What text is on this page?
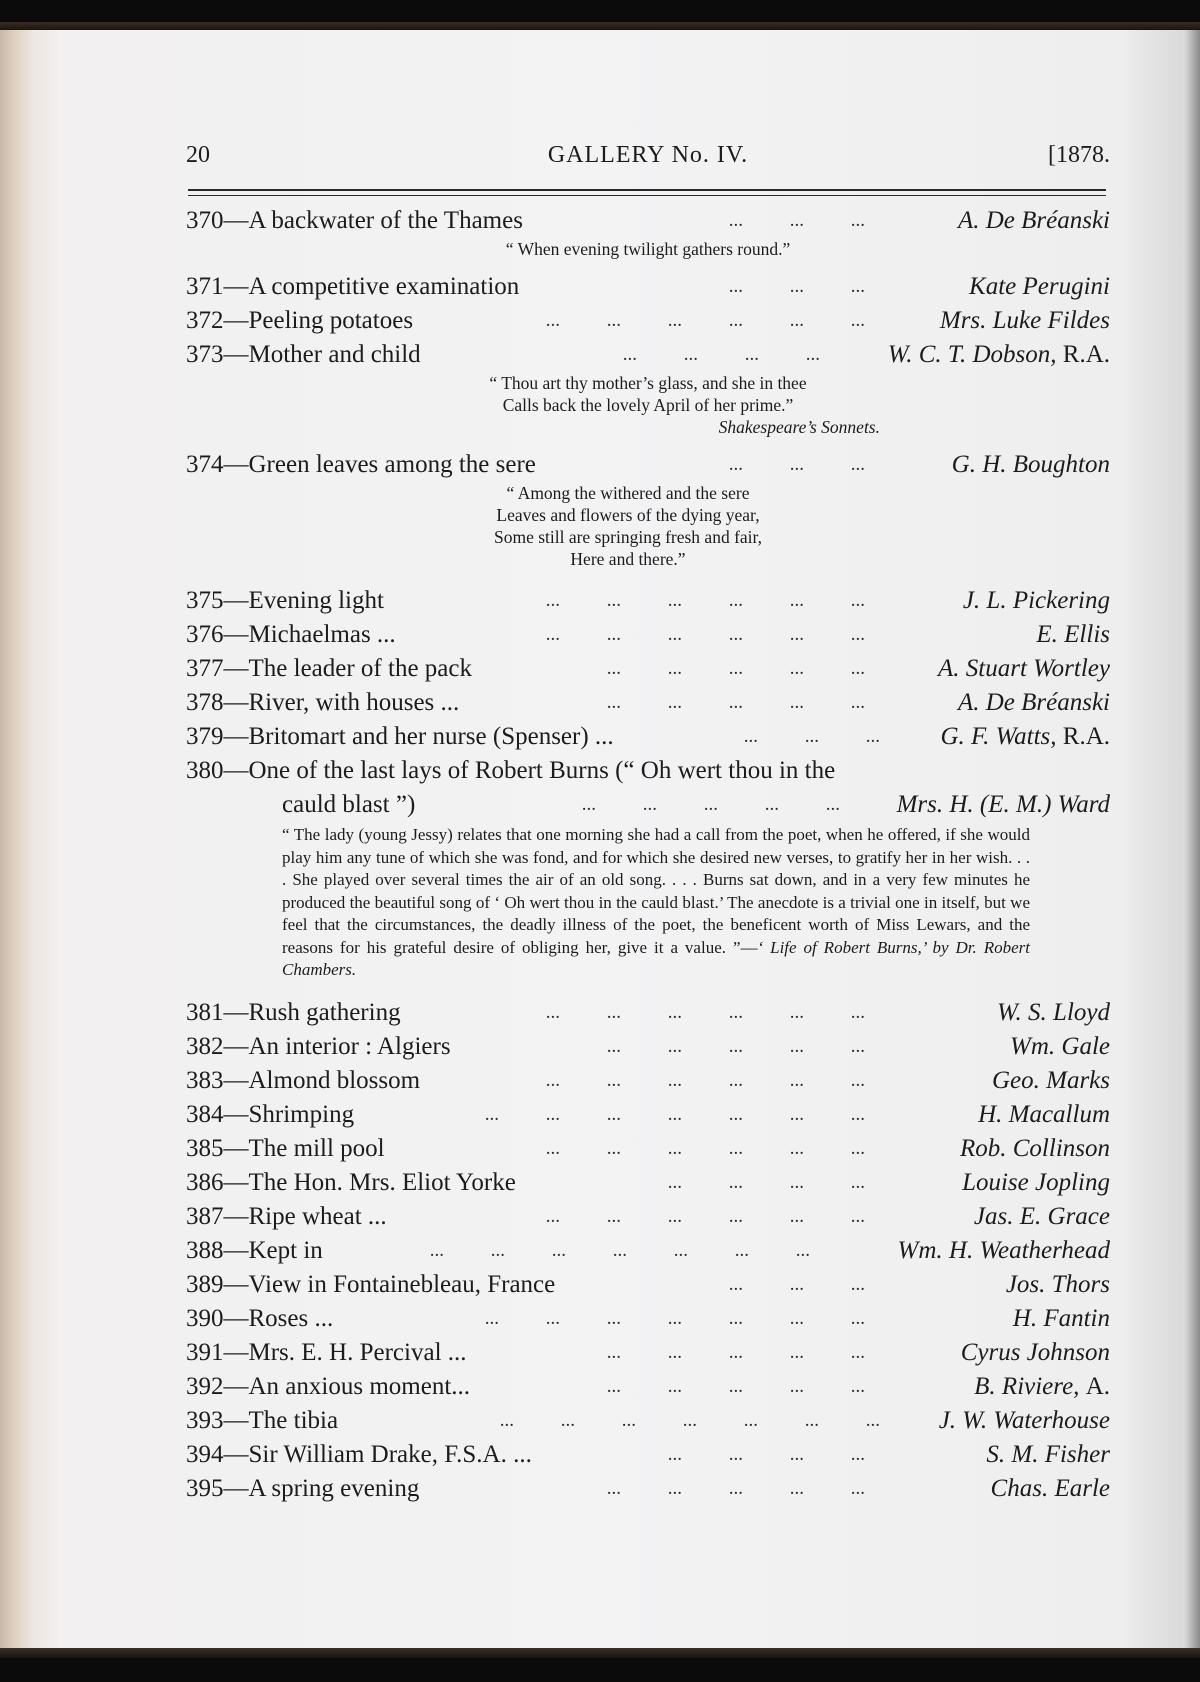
20	GALLERY No. IV.	[1878.
370—A backwater of the Thames	... ... ...	A. De Bréanski
“ When evening twilight gathers round.”
371—A competitive examination	... ... ...	Kate Perugini
372—Peeling potatoes	... ... ... ... ... ...	Mrs. Luke Fildes
373—Mother and child	... ... ... ...	W. C. T. Dobson, R.A.
“ Thou art thy mother’s glass, and she in thee
Calls back the lovely April of her prime.”
Shakespeare’s Sonnets.
374—Green leaves among the sere	... ... ...	G. H. Boughton
“ Among the withered and the sere
Leaves and flowers of the dying year,
Some still are springing fresh and fair,
Here and there.”
375—Evening light	... ... ... ... ... ...	J. L. Pickering
376—Michaelmas ...	... ... ... ... ... ...	E. Ellis
377—The leader of the pack	... ... ... ... ...	A. Stuart Wortley
378—River, with houses ...	... ... ... ... ...	A. De Bréanski
379—Britomart and her nurse (Spenser) ...	... ... ... G. F. Watts, R.A.
380—One of the last lays of Robert Burns (“ Oh wert thou in the
cauld blast ”)	... ... ... ... ... Mrs. H. (E. M.) Ward
“ The lady (young Jessy) relates that one morning she had a call from the poet, when he offered, if she would play him any tune of which she was fond, and for which she desired new verses, to gratify her in her wish. . . . She played over several times the air of an old song. . . . Burns sat down, and in a very few minutes he produced the beautiful song of ‘ Oh wert thou in the cauld blast.’ The anecdote is a trivial one in itself, but we feel that the circumstances, the deadly illness of the poet, the beneficent worth of Miss Lewars, and the reasons for his grateful desire of obliging her, give it a value. ”—‘ Life of Robert Burns,’ by Dr. Robert Chambers.
381—Rush gathering	... ... ... ... ... ...	W. S. Lloyd
382—An interior : Algiers	... ... ... ... ...	Wm. Gale
383—Almond blossom	... ... ... ... ... ...	Geo. Marks
384—Shrimping	... ... ... ... ... ... ...	H. Macallum
385—The mill pool	... ... ... ... ... ...	Rob. Collinson
386—The Hon. Mrs. Eliot Yorke	... ... ... ...	Louise Jopling
387—Ripe wheat ...	... ... ... ... ... ...	Jas. E. Grace
388—Kept in	... ... ... ... ... ... ...	Wm. H. Weatherhead
389—View in Fontainebleau, France	... ... ...	Jos. Thors
390—Roses ...	... ... ... ... ... ... ...	H. Fantin
391—Mrs. E. H. Percival ...	... ... ... ... ...	Cyrus Johnson
392—An anxious moment...	... ... ... ... ...	B. Riviere, A.
393—The tibia	... ... ... ... ... ... ... J. W. Waterhouse
394—Sir William Drake, F.S.A. ...	... ... ... ...	S. M. Fisher
395—A spring evening	... ... ... ... ...	Chas. Earle
